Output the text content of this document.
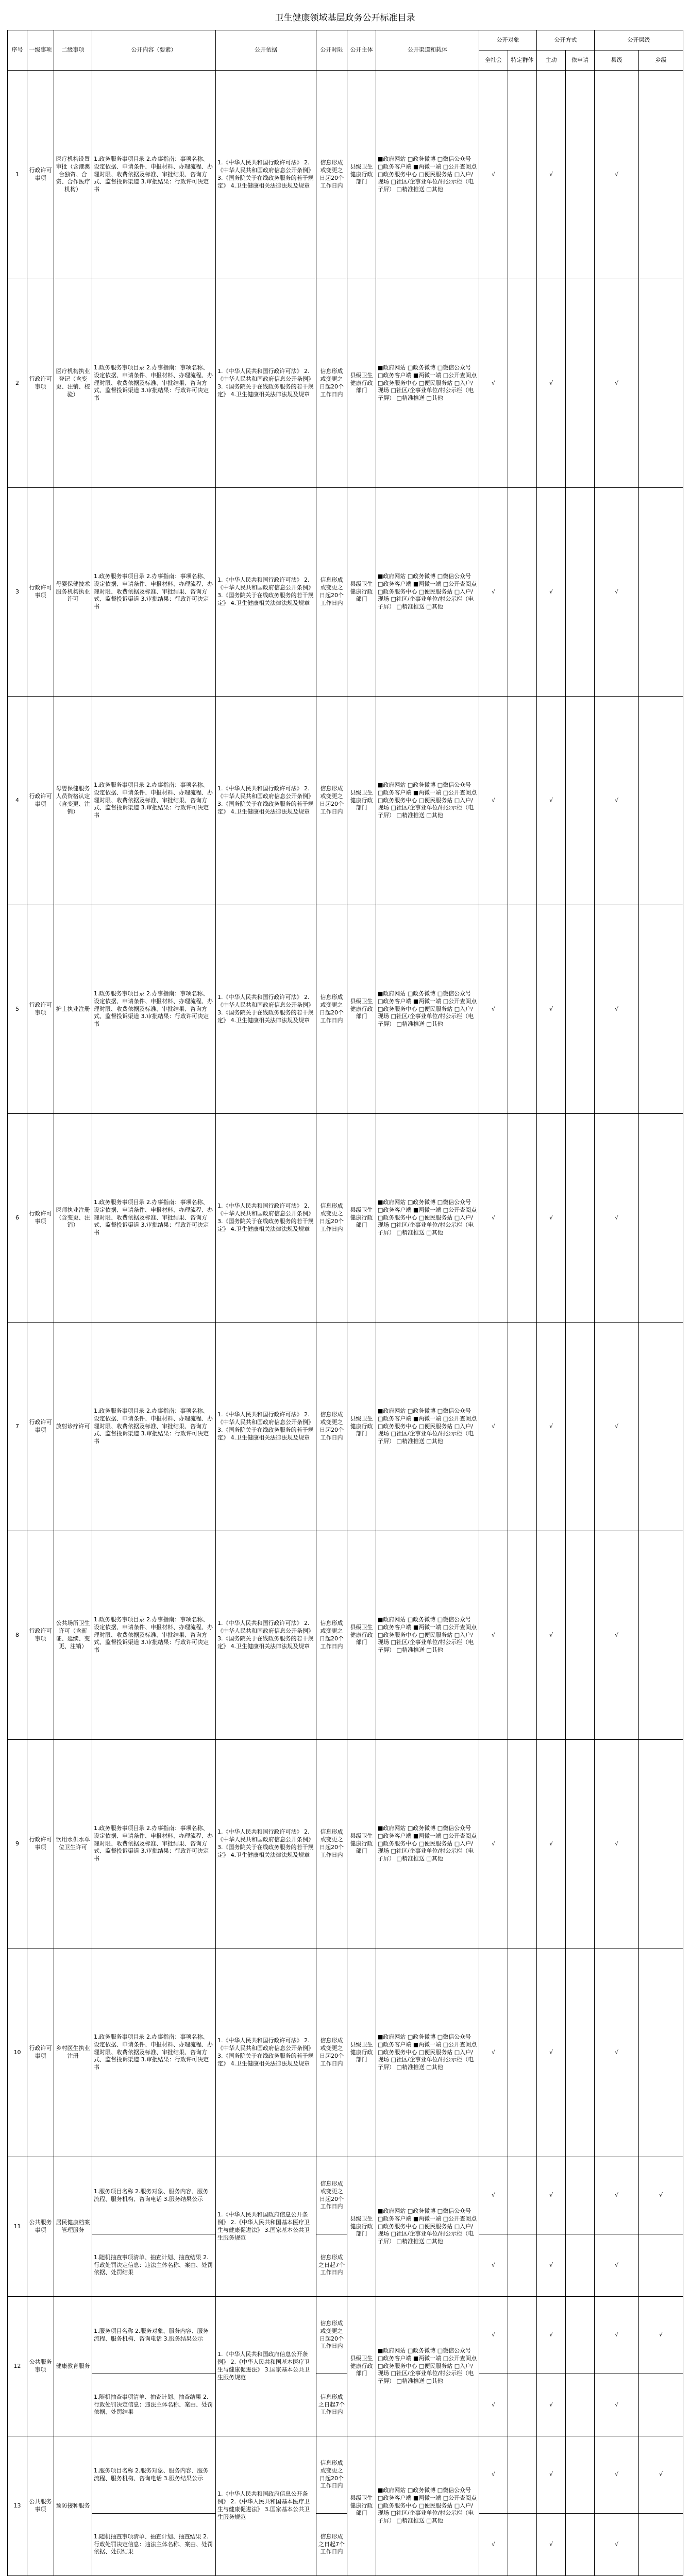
卫生健康领域基层政务公开标准目录
序号	一级事项	二级事项	公开内容（要素）	公开依据	公开时限	公开主体	公开渠道和载体	公开对象		公开方式		公开层级	
								全社会	特定群体	主动	依申请	县级	乡级
1	行政许可事项	医疗机构设置审批（含港澳台独资、合资、合作医疗机构）	1.政务服务事项目录 2.办事指南：事项名称、设定依据、申请条件、申报材料、办理流程、办理时限、收费依据及标准、审批结果、咨询方式、监督投诉渠道 3.审批结果：行政许可决定书	1.《中华人民共和国行政许可法》 2.《中华人民共和国政府信息公开条例》 3.《国务院关于在线政务服务的若干规定》 4.卫生健康相关法律法规及规章	信息形成或变更之日起20个工作日内	县级卫生健康行政部门	■政府网站 □政务微博 □微信公众号 □政务客户端 ■两微一端 □公开查阅点 □政务服务中心 □便民服务站 □入户/现场 □社区/企事业单位/村公示栏（电子屏） □精准推送 □其他	√		√		√	
2	行政许可事项	医疗机构执业登记（含变更、注销、校验）	1.政务服务事项目录 2.办事指南：事项名称、设定依据、申请条件、申报材料、办理流程、办理时限、收费依据及标准、审批结果、咨询方式、监督投诉渠道 3.审批结果：行政许可决定书	1.《中华人民共和国行政许可法》 2.《中华人民共和国政府信息公开条例》 3.《国务院关于在线政务服务的若干规定》 4.卫生健康相关法律法规及规章	信息形成或变更之日起20个工作日内	县级卫生健康行政部门	■政府网站 □政务微博 □微信公众号 □政务客户端 ■两微一端 □公开查阅点 □政务服务中心 □便民服务站 □入户/现场 □社区/企事业单位/村公示栏（电子屏） □精准推送 □其他	√		√		√	
3	行政许可事项	母婴保健技术服务机构执业许可	1.政务服务事项目录 2.办事指南：事项名称、设定依据、申请条件、申报材料、办理流程、办理时限、收费依据及标准、审批结果、咨询方式、监督投诉渠道 3.审批结果：行政许可决定书	1.《中华人民共和国行政许可法》 2.《中华人民共和国政府信息公开条例》 3.《国务院关于在线政务服务的若干规定》 4.卫生健康相关法律法规及规章	信息形成或变更之日起20个工作日内	县级卫生健康行政部门	■政府网站 □政务微博 □微信公众号 □政务客户端 ■两微一端 □公开查阅点 □政务服务中心 □便民服务站 □入户/现场 □社区/企事业单位/村公示栏（电子屏） □精准推送 □其他	√		√		√	
4	行政许可事项	母婴保健服务人员资格认定（含变更、注销）	1.政务服务事项目录 2.办事指南：事项名称、设定依据、申请条件、申报材料、办理流程、办理时限、收费依据及标准、审批结果、咨询方式、监督投诉渠道 3.审批结果：行政许可决定书	1.《中华人民共和国行政许可法》 2.《中华人民共和国政府信息公开条例》 3.《国务院关于在线政务服务的若干规定》 4.卫生健康相关法律法规及规章	信息形成或变更之日起20个工作日内	县级卫生健康行政部门	■政府网站 □政务微博 □微信公众号 □政务客户端 ■两微一端 □公开查阅点 □政务服务中心 □便民服务站 □入户/现场 □社区/企事业单位/村公示栏（电子屏） □精准推送 □其他	√		√		√	
5	行政许可事项	护士执业注册	1.政务服务事项目录 2.办事指南：事项名称、设定依据、申请条件、申报材料、办理流程、办理时限、收费依据及标准、审批结果、咨询方式、监督投诉渠道 3.审批结果：行政许可决定书	1.《中华人民共和国行政许可法》 2.《中华人民共和国政府信息公开条例》 3.《国务院关于在线政务服务的若干规定》 4.卫生健康相关法律法规及规章	信息形成或变更之日起20个工作日内	县级卫生健康行政部门	■政府网站 □政务微博 □微信公众号 □政务客户端 ■两微一端 □公开查阅点 □政务服务中心 □便民服务站 □入户/现场 □社区/企事业单位/村公示栏（电子屏） □精准推送 □其他	√		√		√	
6	行政许可事项	医师执业注册（含变更、注销）	1.政务服务事项目录 2.办事指南：事项名称、设定依据、申请条件、申报材料、办理流程、办理时限、收费依据及标准、审批结果、咨询方式、监督投诉渠道 3.审批结果：行政许可决定书	1.《中华人民共和国行政许可法》 2.《中华人民共和国政府信息公开条例》 3.《国务院关于在线政务服务的若干规定》 4.卫生健康相关法律法规及规章	信息形成或变更之日起20个工作日内	县级卫生健康行政部门	■政府网站 □政务微博 □微信公众号 □政务客户端 ■两微一端 □公开查阅点 □政务服务中心 □便民服务站 □入户/现场 □社区/企事业单位/村公示栏（电子屏） □精准推送 □其他	√		√		√	
7	行政许可事项	放射诊疗许可	1.政务服务事项目录 2.办事指南：事项名称、设定依据、申请条件、申报材料、办理流程、办理时限、收费依据及标准、审批结果、咨询方式、监督投诉渠道 3.审批结果：行政许可决定书	1.《中华人民共和国行政许可法》 2.《中华人民共和国政府信息公开条例》 3.《国务院关于在线政务服务的若干规定》 4.卫生健康相关法律法规及规章	信息形成或变更之日起20个工作日内	县级卫生健康行政部门	■政府网站 □政务微博 □微信公众号 □政务客户端 ■两微一端 □公开查阅点 □政务服务中心 □便民服务站 □入户/现场 □社区/企事业单位/村公示栏（电子屏） □精准推送 □其他	√		√		√	
8	行政许可事项	公共场所卫生许可（含新证、延续、变更、注销）	1.政务服务事项目录 2.办事指南：事项名称、设定依据、申请条件、申报材料、办理流程、办理时限、收费依据及标准、审批结果、咨询方式、监督投诉渠道 3.审批结果：行政许可决定书	1.《中华人民共和国行政许可法》 2.《中华人民共和国政府信息公开条例》 3.《国务院关于在线政务服务的若干规定》 4.卫生健康相关法律法规及规章	信息形成或变更之日起20个工作日内	县级卫生健康行政部门	■政府网站 □政务微博 □微信公众号 □政务客户端 ■两微一端 □公开查阅点 □政务服务中心 □便民服务站 □入户/现场 □社区/企事业单位/村公示栏（电子屏） □精准推送 □其他	√		√		√	
9	行政许可事项	饮用水供水单位卫生许可	1.政务服务事项目录 2.办事指南：事项名称、设定依据、申请条件、申报材料、办理流程、办理时限、收费依据及标准、审批结果、咨询方式、监督投诉渠道 3.审批结果：行政许可决定书	1.《中华人民共和国行政许可法》 2.《中华人民共和国政府信息公开条例》 3.《国务院关于在线政务服务的若干规定》 4.卫生健康相关法律法规及规章	信息形成或变更之日起20个工作日内	县级卫生健康行政部门	■政府网站 □政务微博 □微信公众号 □政务客户端 ■两微一端 □公开查阅点 □政务服务中心 □便民服务站 □入户/现场 □社区/企事业单位/村公示栏（电子屏） □精准推送 □其他	√		√		√	
10	行政许可事项	乡村医生执业注册	1.政务服务事项目录 2.办事指南：事项名称、设定依据、申请条件、申报材料、办理流程、办理时限、收费依据及标准、审批结果、咨询方式、监督投诉渠道 3.审批结果：行政许可决定书	1.《中华人民共和国行政许可法》 2.《中华人民共和国政府信息公开条例》 3.《国务院关于在线政务服务的若干规定》 4.卫生健康相关法律法规及规章	信息形成或变更之日起20个工作日内	县级卫生健康行政部门	■政府网站 □政务微博 □微信公众号 □政务客户端 ■两微一端 □公开查阅点 □政务服务中心 □便民服务站 □入户/现场 □社区/企事业单位/村公示栏（电子屏） □精准推送 □其他	√		√		√	
11	公共服务事项	居民健康档案管理服务	1.服务项目名称 2.服务对象、服务内容、服务流程、服务机构、咨询电话 3.服务结果公示	1.《中华人民共和国政府信息公开条例》 2.《中华人民共和国基本医疗卫生与健康促进法》 3.国家基本公共卫生服务规范	信息形成或变更之日起20个工作日内	县级卫生健康行政部门	■政府网站 □政务微博 □微信公众号 □政务客户端 ■两微一端 □公开查阅点 □政务服务中心 □便民服务站 □入户/现场 □社区/企事业单位/村公示栏（电子屏） □精准推送 □其他	√		√		√	√
			1.随机抽查事项清单、抽查计划、抽查结果 2.行政处罚决定信息：违法主体名称、案由、处罚依据、处罚结果		信息形成之日起7个工作日内			√		√		√	
12	公共服务事项	健康教育服务	1.服务项目名称 2.服务对象、服务内容、服务流程、服务机构、咨询电话 3.服务结果公示	1.《中华人民共和国政府信息公开条例》 2.《中华人民共和国基本医疗卫生与健康促进法》 3.国家基本公共卫生服务规范	信息形成或变更之日起20个工作日内	县级卫生健康行政部门	■政府网站 □政务微博 □微信公众号 □政务客户端 ■两微一端 □公开查阅点 □政务服务中心 □便民服务站 □入户/现场 □社区/企事业单位/村公示栏（电子屏） □精准推送 □其他	√		√		√	√
			1.随机抽查事项清单、抽查计划、抽查结果 2.行政处罚决定信息：违法主体名称、案由、处罚依据、处罚结果		信息形成之日起7个工作日内			√		√		√	
13	公共服务事项	预防接种服务	1.服务项目名称 2.服务对象、服务内容、服务流程、服务机构、咨询电话 3.服务结果公示	1.《中华人民共和国政府信息公开条例》 2.《中华人民共和国基本医疗卫生与健康促进法》 3.国家基本公共卫生服务规范	信息形成或变更之日起20个工作日内	县级卫生健康行政部门	■政府网站 □政务微博 □微信公众号 □政务客户端 ■两微一端 □公开查阅点 □政务服务中心 □便民服务站 □入户/现场 □社区/企事业单位/村公示栏（电子屏） □精准推送 □其他	√		√		√	√
			1.随机抽查事项清单、抽查计划、抽查结果 2.行政处罚决定信息：违法主体名称、案由、处罚依据、处罚结果		信息形成之日起7个工作日内			√		√		√	
